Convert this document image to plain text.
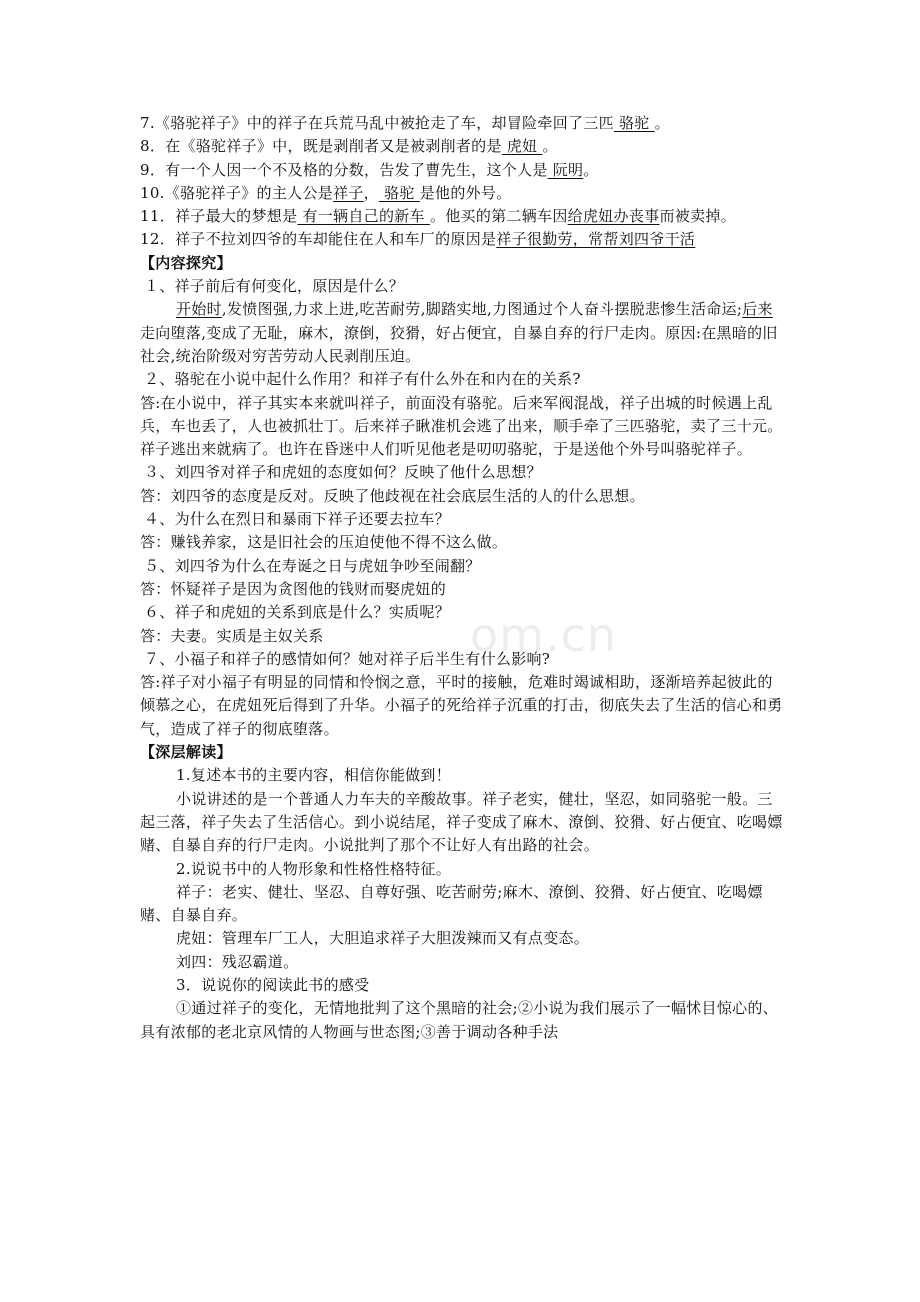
7.《骆驼祥子》中的祥子在兵荒马乱中被抢走了车，却冒险牵回了三匹 骆驼 。

8．在《骆驼祥子》中，既是剥削者又是被剥削者的是 虎妞 。

9．有一个人因一个不及格的分数，告发了曹先生，这个人是 阮明。

10.《骆驼祥子》的主人公是祥子， 骆驼 是他的外号。

11．祥子最大的梦想是 有一辆自己的新车 。他买的第二辆车因给虎妞办丧事而被卖掉。

12．祥子不拉刘四爷的车却能住在人和车厂的原因是祥子很勤劳，常帮刘四爷干活

【内容探究】

１、祥子前后有何变化，原因是什么？

开始时,发愤图强,力求上进,吃苦耐劳,脚踏实地,力图通过个人奋斗摆脱悲惨生活命运;后来走向堕落,变成了无耻，麻木，潦倒，狡猾，好占便宜，自暴自弃的行尸走肉。原因:在黑暗的旧社会,统治阶级对穷苦劳动人民剥削压迫。

２、骆驼在小说中起什么作用？和祥子有什么外在和内在的关系?

答:在小说中，祥子其实本来就叫祥子，前面没有骆驼。后来军阀混战，祥子出城的时候遇上乱兵，车也丢了，人也被抓壮丁。后来祥子瞅准机会逃了出来，顺手牵了三匹骆驼，卖了三十元。祥子逃出来就病了。也许在昏迷中人们听见他老是叨叨骆驼，于是送他个外号叫骆驼祥子。

３、刘四爷对祥子和虎妞的态度如何？反映了他什么思想？

答：刘四爷的态度是反对。反映了他歧视在社会底层生活的人的什么思想。

４、为什么在烈日和暴雨下祥子还要去拉车？

答：赚钱养家，这是旧社会的压迫使他不得不这么做。

５、刘四爷为什么在寿诞之日与虎妞争吵至闹翻？

答：怀疑祥子是因为贪图他的钱财而娶虎妞的

６、祥子和虎妞的关系到底是什么？实质呢？

答：夫妻。实质是主奴关系

７、小福子和祥子的感情如何？她对祥子后半生有什么影响?

答:祥子对小福子有明显的同情和怜悯之意，平时的接触，危难时竭诚相助，逐渐培养起彼此的倾慕之心，在虎妞死后得到了升华。小福子的死给祥子沉重的打击，彻底失去了生活的信心和勇气，造成了祥子的彻底堕落。

【深层解读】

1.复述本书的主要内容，相信你能做到！

小说讲述的是一个普通人力车夫的辛酸故事。祥子老实，健壮，坚忍，如同骆驼一般。三起三落，祥子失去了生活信心。到小说结尾，祥子变成了麻木、潦倒、狡猾、好占便宜、吃喝嫖赌、自暴自弃的行尸走肉。小说批判了那个不让好人有出路的社会。

2.说说书中的人物形象和性格性格特征。

祥子：老实、健壮、坚忍、自尊好强、吃苦耐劳;麻木、潦倒、狡猾、好占便宜、吃喝嫖赌、自暴自弃。

虎妞：管理车厂工人，大胆追求祥子大胆泼辣而又有点变态。

刘四：残忍霸道。

3．说说你的阅读此书的感受

①通过祥子的变化，无情地批判了这个黑暗的社会;②小说为我们展示了一幅怵目惊心的、具有浓郁的老北京风情的人物画与世态图;③善于调动各种手法

om.cn
